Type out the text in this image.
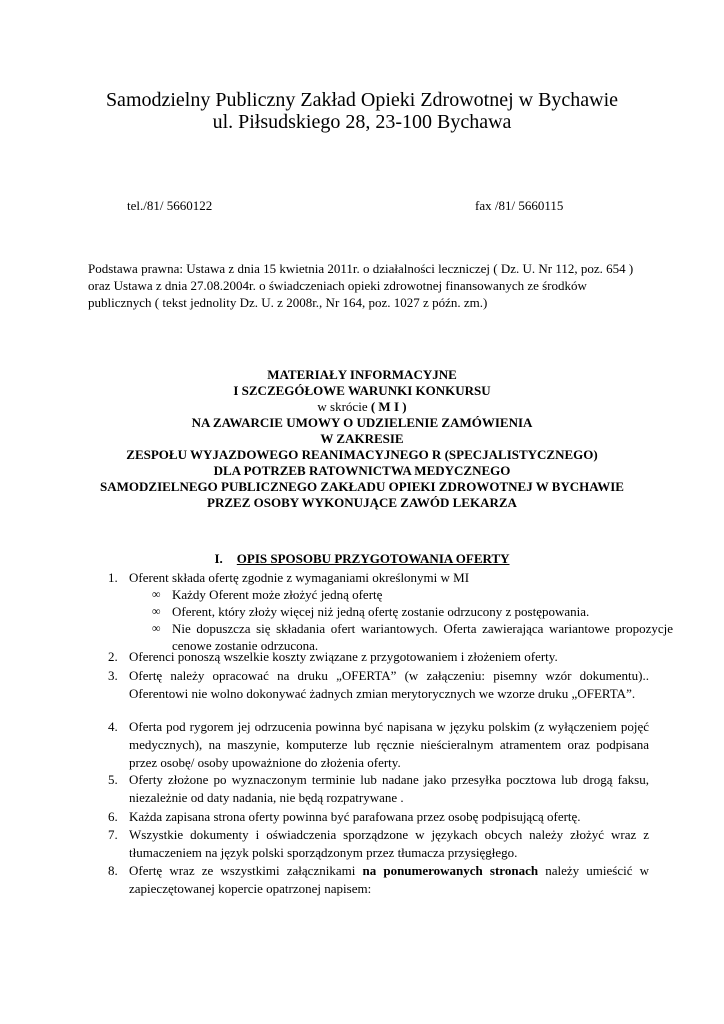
Samodzielny Publiczny Zakład Opieki Zdrowotnej w Bychawie
ul. Piłsudskiego 28, 23-100 Bychawa
tel./81/ 5660122	fax /81/ 5660115
Podstawa prawna: Ustawa z dnia 15 kwietnia 2011r. o działalności leczniczej ( Dz. U. Nr 112, poz. 654 ) oraz Ustawa z dnia 27.08.2004r. o świadczeniach opieki zdrowotnej finansowanych ze środków publicznych ( tekst jednolity Dz. U. z 2008r., Nr 164, poz. 1027 z późn. zm.)
MATERIAŁY INFORMACYJNE
I SZCZEGÓŁOWE WARUNKI KONKURSU
w skrócie ( M I )
NA ZAWARCIE UMOWY O UDZIELENIE ZAMÓWIENIA
W ZAKRESIE
ZESPOŁU WYJAZDOWEGO REANIMACYJNEGO R (SPECJALISTYCZNEGO)
DLA POTRZEB RATOWNICTWA MEDYCZNEGO
SAMODZIELNEGO PUBLICZNEGO ZAKŁADU OPIEKI ZDROWOTNEJ W BYCHAWIE
PRZEZ OSOBY WYKONUJĄCE ZAWÓD LEKARZA
I. OPIS SPOSOBU PRZYGOTOWANIA OFERTY
1. Oferent składa ofertę zgodnie z wymaganiami określonymi w MI
∞ Każdy Oferent może złożyć jedną ofertę
∞ Oferent, który złoży więcej niż jedną ofertę zostanie odrzucony z postępowania.
∞ Nie dopuszcza się składania ofert wariantowych. Oferta zawierająca wariantowe propozycje cenowe zostanie odrzucona.
2. Oferenci ponoszą wszelkie koszty związane z przygotowaniem i złożeniem oferty.
3. Ofertę należy opracować na druku „OFERTA” (w załączeniu: pisemny wzór dokumentu).. Oferentowi nie wolno dokonywać żadnych zmian merytorycznych we wzorze druku „OFERTA”.
4. Oferta pod rygorem jej odrzucenia powinna być napisana w języku polskim (z wyłączeniem pojęć medycznych), na maszynie, komputerze lub ręcznie nieścieralnym atramentem oraz podpisana przez osobę/ osoby upoważnione do złożenia oferty.
5. Oferty złożone po wyznaczonym terminie lub nadane jako przesyłka pocztowa lub drogą faksu, niezależnie od daty nadania, nie będą rozpatrywane .
6. Każda zapisana strona oferty powinna być parafowana przez osobę podpisującą ofertę.
7. Wszystkie dokumenty i oświadczenia sporządzone w językach obcych należy złożyć wraz z tłumaczeniem na język polski sporządzonym przez tłumacza przysięgłego.
8. Ofertę wraz ze wszystkimi załącznikami na ponumerowanych stronach należy umieścić w zapieczętowanej kopercie opatrzonej napisem:
